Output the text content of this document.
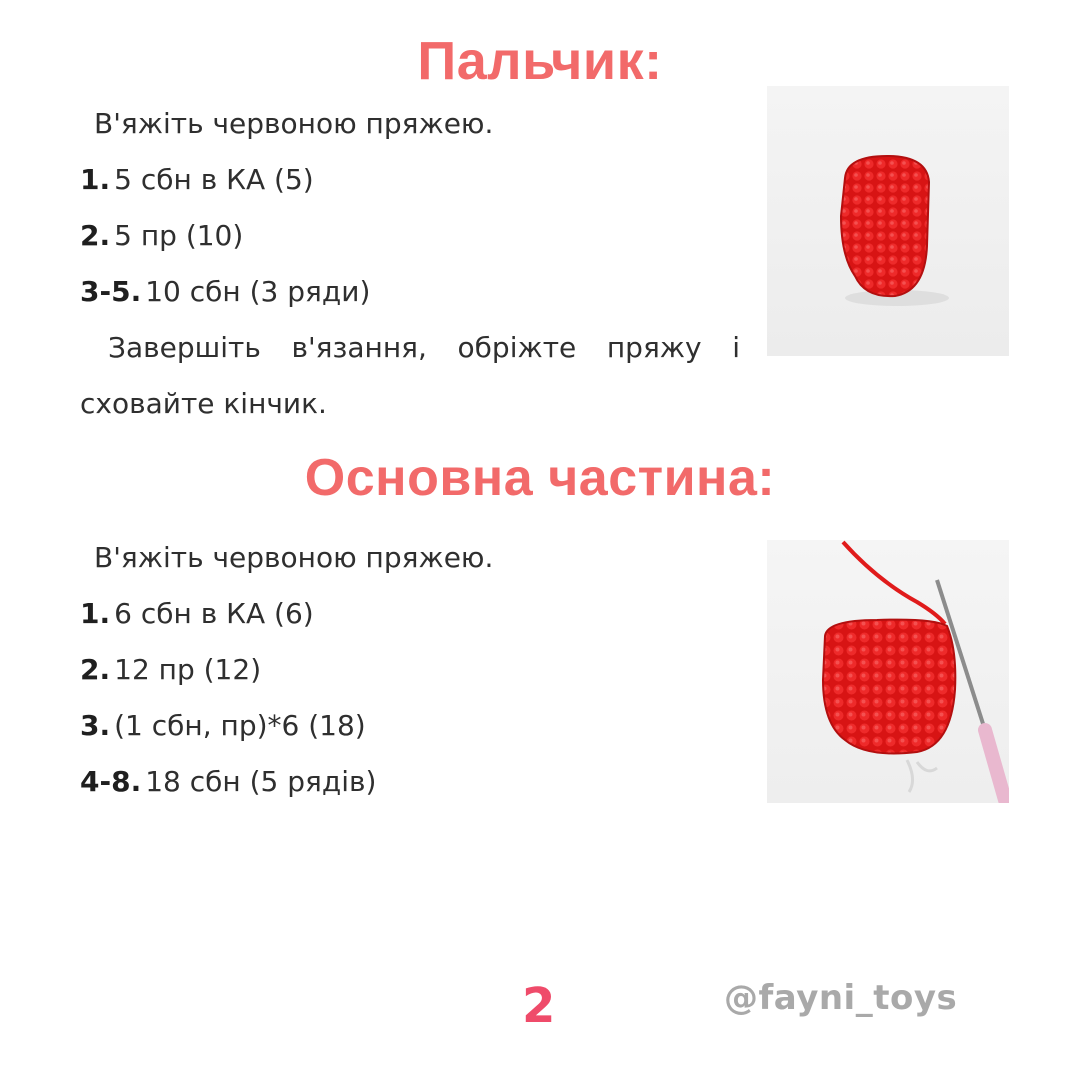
Пальчик:
В'яжіть червоною пряжею.
1. 5 сбн в КА (5)
2. 5 пр (10)
3-5. 10 сбн (3 ряди)
Завершіть в'язання, обріжте пряжу і
сховайте кінчик.
Основна частина:
В'яжіть червоною пряжею.
1. 6 сбн в КА (6)
2. 12 пр (12)
3. (1 сбн, пр)*6 (18)
4-8. 18 сбн (5 рядів)
2	@fayni_toys
